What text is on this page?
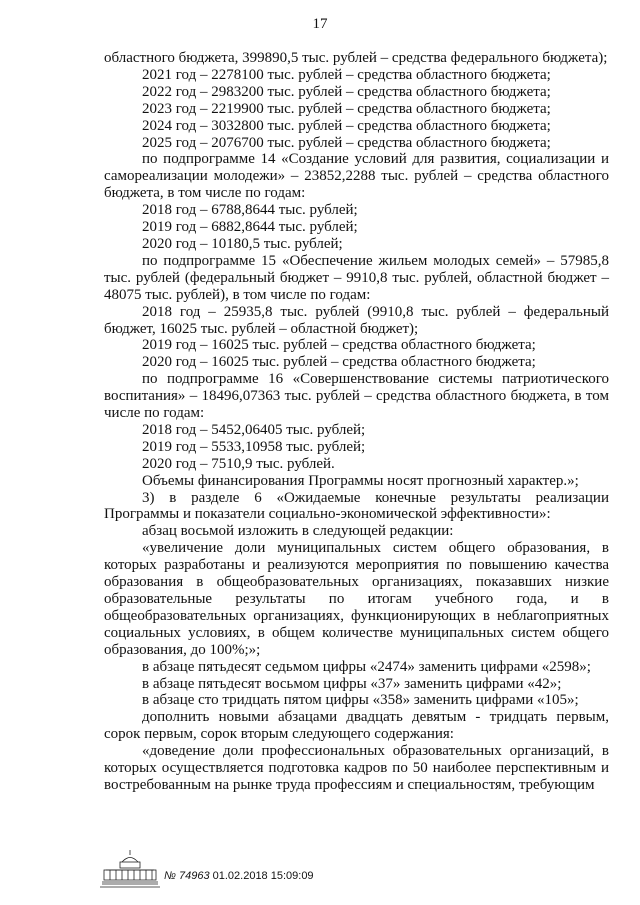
17

областного бюджета, 399890,5 тыс. рублей – средства федерального бюджета);

2021 год – 2278100 тыс. рублей – средства областного бюджета;

2022 год – 2983200 тыс. рублей – средства областного бюджета;

2023 год – 2219900 тыс. рублей – средства областного бюджета;

2024 год – 3032800 тыс. рублей – средства областного бюджета;

2025 год – 2076700 тыс. рублей – средства областного бюджета;

по подпрограмме 14 «Создание условий для развития, социализации и самореализации молодежи» – 23852,2288 тыс. рублей – средства областного бюджета, в том числе по годам:

2018 год – 6788,8644 тыс. рублей;

2019 год – 6882,8644 тыс. рублей;

2020 год – 10180,5 тыс. рублей;

по подпрограмме 15 «Обеспечение жильем молодых семей» – 57985,8 тыс. рублей (федеральный бюджет – 9910,8 тыс. рублей, областной бюджет – 48075 тыс. рублей), в том числе по годам:

2018 год – 25935,8 тыс. рублей (9910,8 тыс. рублей – федеральный бюджет, 16025 тыс. рублей – областной бюджет);

2019 год – 16025 тыс. рублей – средства областного бюджета;

2020 год – 16025 тыс. рублей – средства областного бюджета;

по подпрограмме 16 «Совершенствование системы патриотического воспитания» – 18496,07363 тыс. рублей – средства областного бюджета, в том числе по годам:

2018 год – 5452,06405 тыс. рублей;

2019 год – 5533,10958 тыс. рублей;

2020 год – 7510,9 тыс. рублей.

Объемы финансирования Программы носят прогнозный характер.»;

3) в разделе 6 «Ожидаемые конечные результаты реализации Программы и показатели социально-экономической эффективности»:

абзац восьмой изложить в следующей редакции:

«увеличение доли муниципальных систем общего образования, в которых разработаны и реализуются мероприятия по повышению качества образования в общеобразовательных организациях, показавших низкие образовательные результаты по итогам учебного года, и в общеобразовательных организациях, функционирующих в неблагоприятных социальных условиях, в общем количестве муниципальных систем общего образования, до 100%;»;

в абзаце пятьдесят седьмом цифры «2474» заменить цифрами «2598»;

в абзаце пятьдесят восьмом цифры «37» заменить цифрами «42»;

в абзаце сто тридцать пятом цифры «358» заменить цифрами «105»;

дополнить новыми абзацами двадцать девятым - тридцать первым, сорок первым, сорок вторым следующего содержания:

«доведение доли профессиональных образовательных организаций, в которых осуществляется подготовка кадров по 50 наиболее перспективным и востребованным на рынке труда профессиям и специальностям, требующим

№ 74963 01.02.2018 15:09:09
